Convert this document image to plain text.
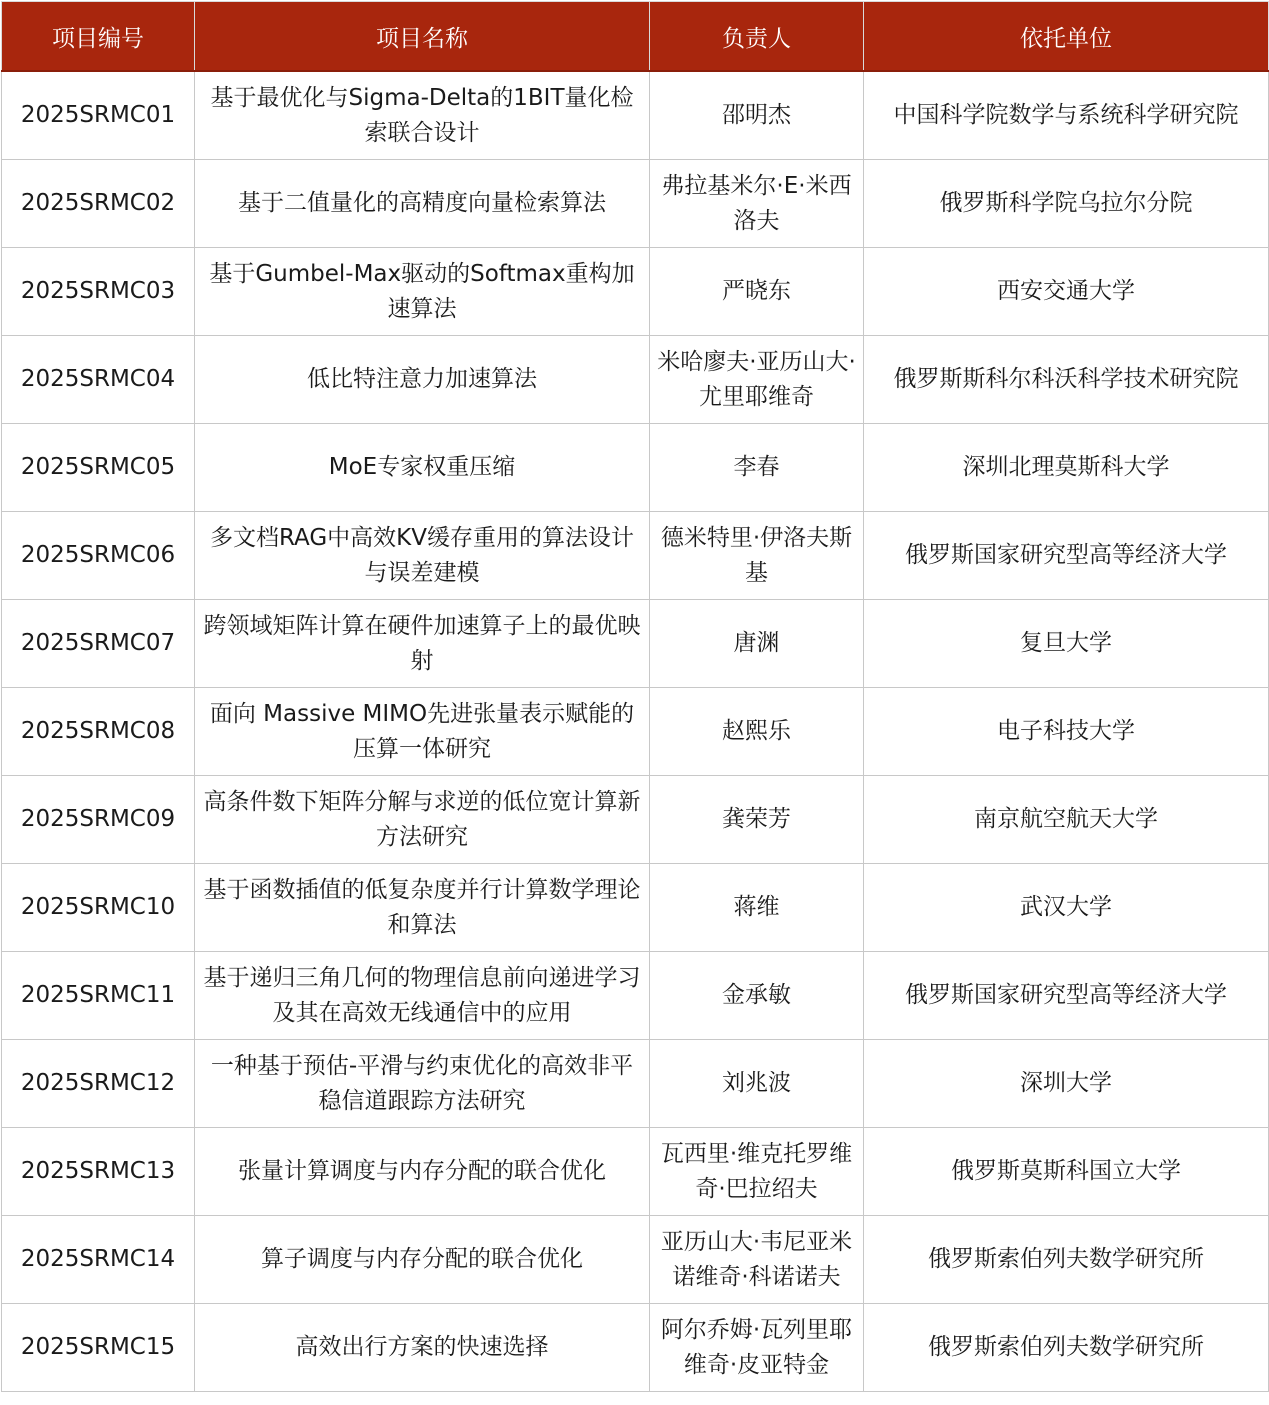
项目编号	项目名称	负责人	依托单位
2025SRMC01	基于最优化与Sigma-Delta的1BIT量化检索联合设计	邵明杰	中国科学院数学与系统科学研究院
2025SRMC02	基于二值量化的高精度向量检索算法	弗拉基米尔·E·米西洛夫	俄罗斯科学院乌拉尔分院
2025SRMC03	基于Gumbel-Max驱动的Softmax重构加速算法	严晓东	西安交通大学
2025SRMC04	低比特注意力加速算法	米哈廖夫·亚历山大·尤里耶维奇	俄罗斯斯科尔科沃科学技术研究院
2025SRMC05	MoE专家权重压缩	李春	深圳北理莫斯科大学
2025SRMC06	多文档RAG中高效KV缓存重用的算法设计与误差建模	德米特里·伊洛夫斯基	俄罗斯国家研究型高等经济大学
2025SRMC07	跨领域矩阵计算在硬件加速算子上的最优映射	唐渊	复旦大学
2025SRMC08	面向 Massive MIMO先进张量表示赋能的压算一体研究	赵熙乐	电子科技大学
2025SRMC09	高条件数下矩阵分解与求逆的低位宽计算新方法研究	龚荣芳	南京航空航天大学
2025SRMC10	基于函数插值的低复杂度并行计算数学理论和算法	蒋维	武汉大学
2025SRMC11	基于递归三角几何的物理信息前向递进学习及其在高效无线通信中的应用	金承敏	俄罗斯国家研究型高等经济大学
2025SRMC12	一种基于预估-平滑与约束优化的高效非平稳信道跟踪方法研究	刘兆波	深圳大学
2025SRMC13	张量计算调度与内存分配的联合优化	瓦西里·维克托罗维奇·巴拉绍夫	俄罗斯莫斯科国立大学
2025SRMC14	算子调度与内存分配的联合优化	亚历山大·韦尼亚米诺维奇·科诺诺夫	俄罗斯索伯列夫数学研究所
2025SRMC15	高效出行方案的快速选择	阿尔乔姆·瓦列里耶维奇·皮亚特金	俄罗斯索伯列夫数学研究所
